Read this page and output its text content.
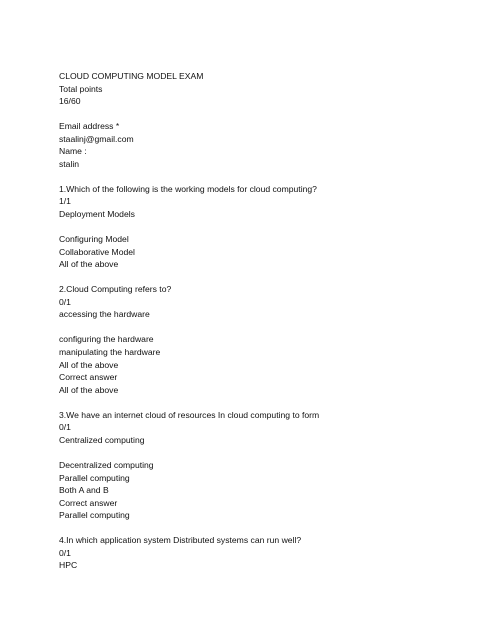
CLOUD COMPUTING MODEL EXAM
Total points
16/60
Email address *
staalinj@gmail.com
Name :
stalin
1.Which of the following is the working models for cloud computing?
1/1
Deployment Models
Configuring Model
Collaborative Model
All of the above
2.Cloud Computing refers to?
0/1
accessing the hardware
configuring the hardware
manipulating the hardware
All of the above
Correct answer
All of the above
3.We have an internet cloud of resources In cloud computing to form
0/1
Centralized computing
Decentralized computing
Parallel computing
Both A and B
Correct answer
Parallel computing
4.In which application system Distributed systems can run well?
0/1
HPC
